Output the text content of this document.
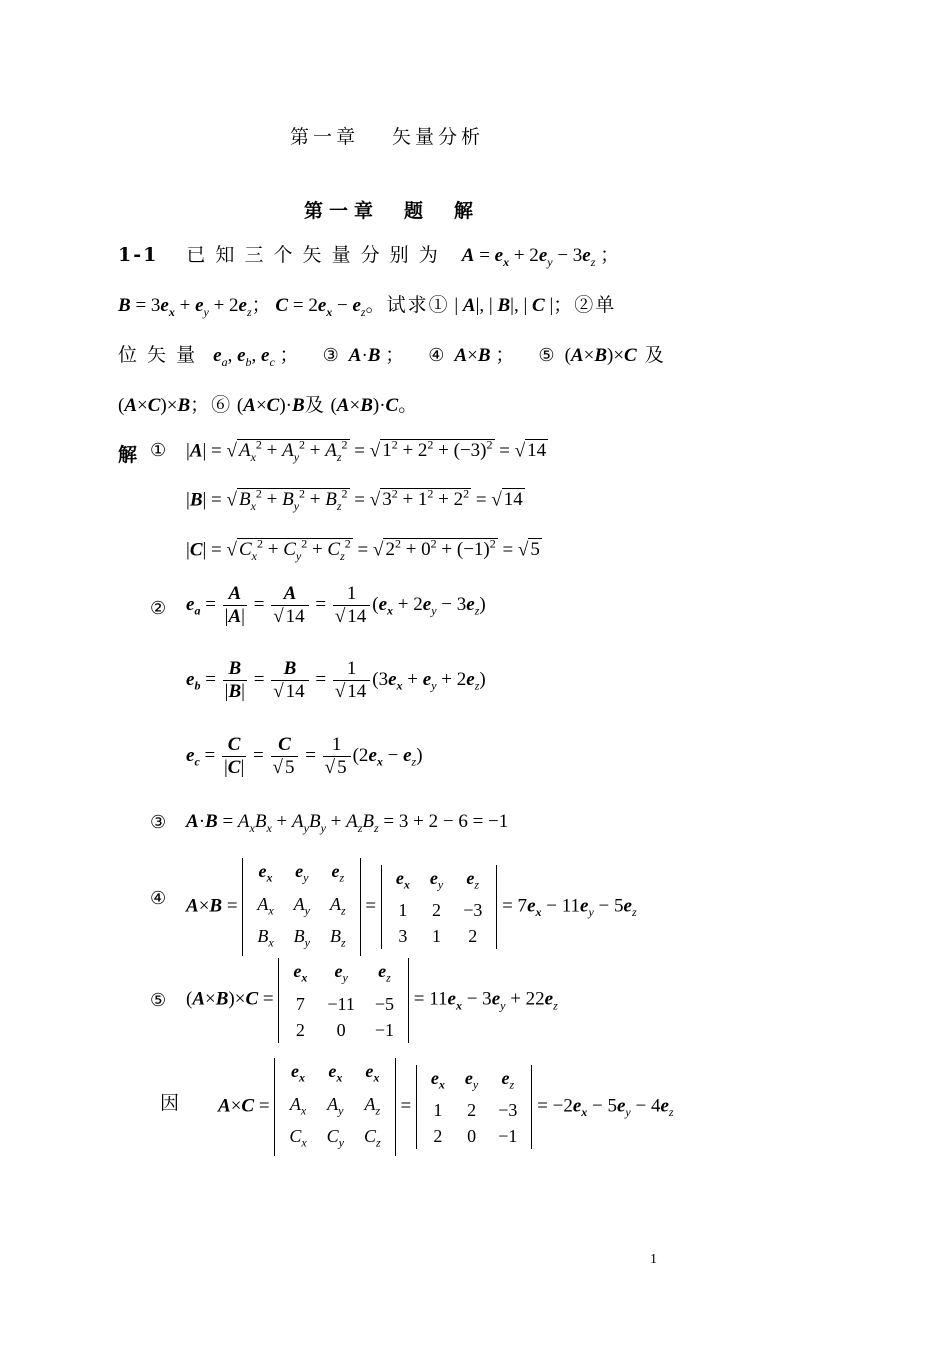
第一章　 矢量分析
第一章　题　解
1-1 已 知 三 个 矢 量 分 别 为 $A = e_x + 2e_y - 3e_z$ ；
$B = 3e_x + e_y + 2e_z$； $C = 2e_x - e_z$。试求① | A|, | B|, | C |；②单
位 矢 量 $e_a$, $e_b$, $e_c$ ； ③ A·B ； ④ A×B ； ⑤ (A×B)×C 及
(A×C)×B；⑥ (A×C)·B及 (A×B)·C。
解 ① |A| = √ $A_x^2 + A_y^2 + A_z^2$ = √ $1^2 + 2^2 + (-3)^2$ = √ 14
|B| = √ $B_x^2 + B_y^2 + B_z^2$ = √ $3^2 + 1^2 + 2^2$ = √ 14
|C| = √ $C_x^2 + C_y^2 + C_z^2$ = √ $2^2 + 0^2 + (-1)^2$ = √ 5
② $e_a = \frac{A}{|A|} = \frac{A}{√ 14} = \frac{1}{√ 14} (e_x + 2e_y - 3e_z)$
$e_b = \frac{B}{|B|} = \frac{B}{√ 14} = \frac{1}{√ 14} (3e_x + e_y + 2e_z)$
$e_c = \frac{C}{|C|} = \frac{C}{√ 5} = \frac{1}{√ 5} (2e_x - e_z)$
③ $A\cdot B = A_xB_x + A_yB_y + A_zB_z = 3 + 2 - 6 = -1$
④ A×B =
$e_x$	$e_y$	$e_z$
$A_x$	$A_y$	$A_z$
$B_x$	$B_y$	$B_z$
=
$e_x$	$e_y$	$e_z$
1	2	−3
3	1	2
= $7e_x - 11e_y - 5e_z$
⑤ (A×B)×C =
$e_x$	$e_y$	$e_z$
7	−11	−5
2	0	−1
= $11e_x - 3e_y + 22e_z$
因 A×C =
$e_x$	$e_x$	$e_x$
$A_x$	$A_y$	$A_z$
$C_x$	$C_y$	$C_z$
=
$e_x$	$e_y$	$e_z$
1	2	−3
2	0	−1
= $-2e_x - 5e_y - 4e_z$
1
